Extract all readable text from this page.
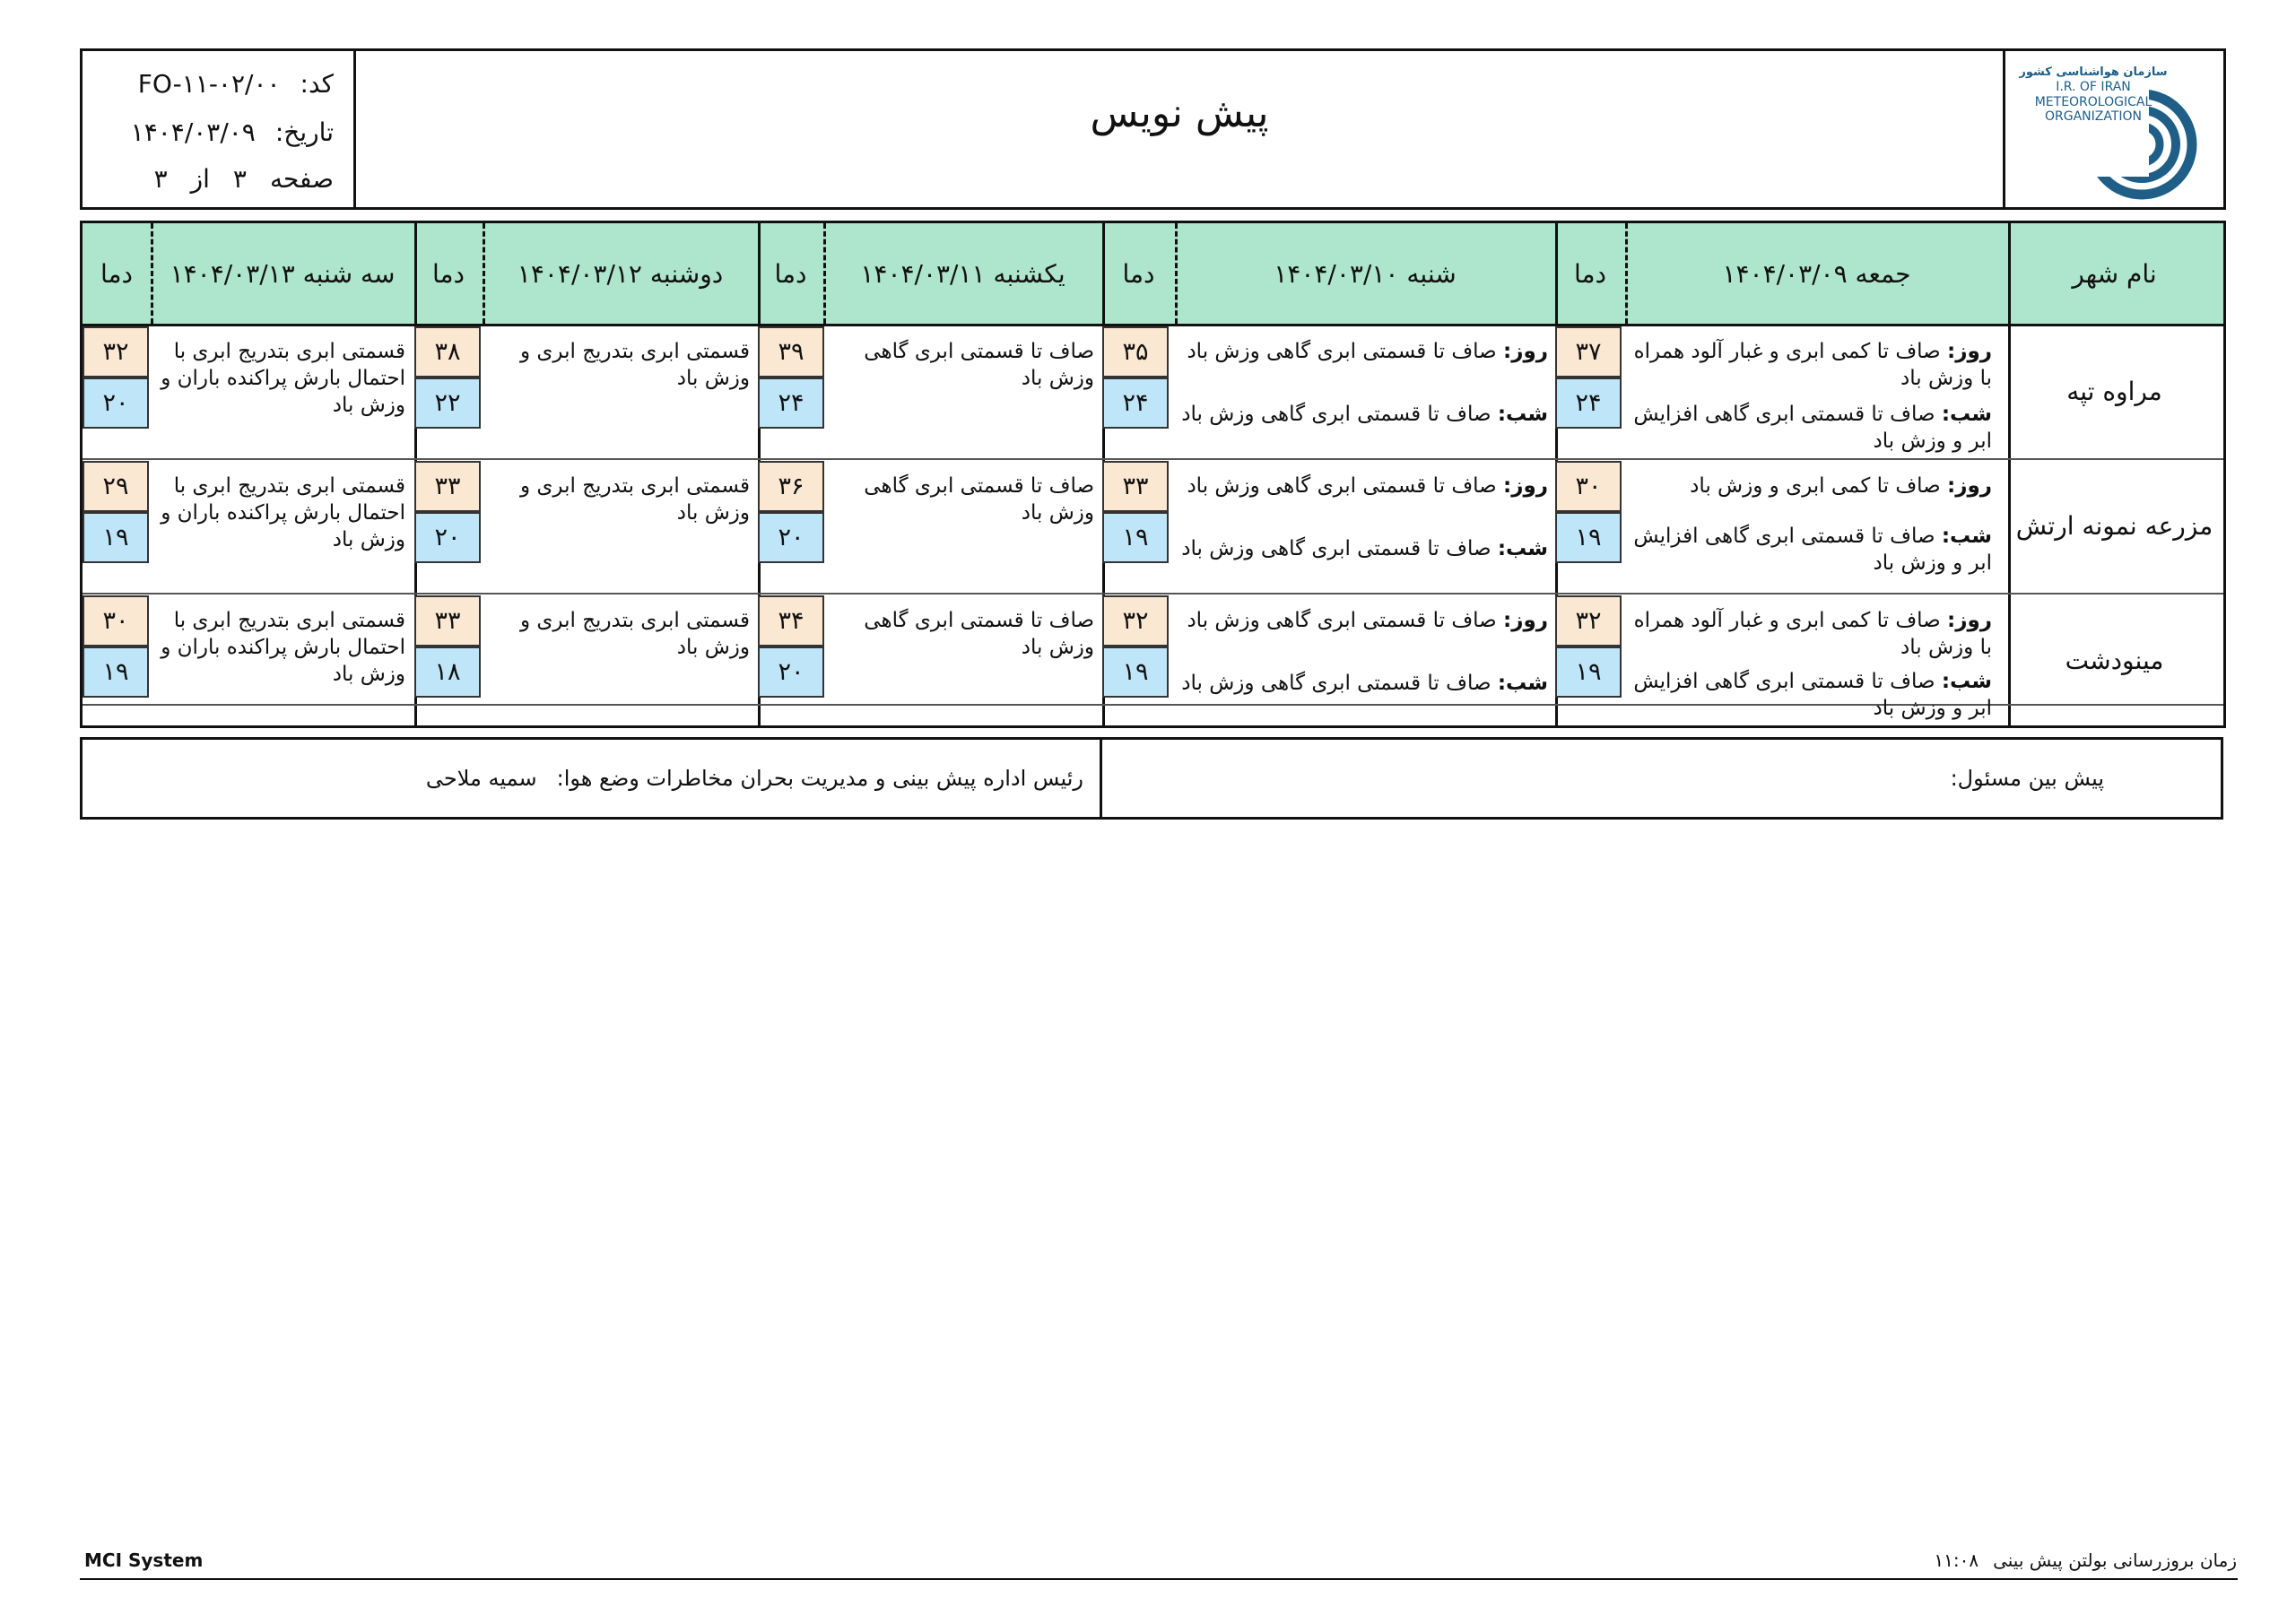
سازمان هواشناسی کشور
I.R. OF IRAN
METEOROLOGICAL
ORGANIZATION
پیش نویس
کد:
FO-۱۱-۰۲/۰۰
تاریخ:
۱۴۰۴/۰۳/۰۹
صفحه
۳
از
۳
نام شهر
جمعه ۱۴۰۴/۰۳/۰۹
دما
شنبه ۱۴۰۴/۰۳/۱۰
دما
یکشنبه ۱۴۰۴/۰۳/۱۱
دما
دوشنبه ۱۴۰۴/۰۳/۱۲
دما
سه شنبه ۱۴۰۴/۰۳/۱۳
دما
مراوه تپه
روز: صاف تا کمی ابری و غبار آلود همراه با وزش باد
شب: صاف تا قسمتی ابری گاهی افزایش ابر و وزش باد
۳۷
۲۴
روز: صاف تا قسمتی ابری گاهی وزش باد
شب: صاف تا قسمتی ابری گاهی وزش باد
۳۵
۲۴
صاف تا قسمتی ابری گاهی وزش باد
۳۹
۲۴
قسمتی ابری بتدریج ابری و وزش باد
۳۸
۲۲
قسمتی ابری بتدریج ابری با احتمال بارش پراکنده باران و وزش باد
۳۲
۲۰
مزرعه نمونه ارتش
روز: صاف تا کمی ابری و وزش باد
شب: صاف تا قسمتی ابری گاهی افزایش ابر و وزش باد
۳۰
۱۹
روز: صاف تا قسمتی ابری گاهی وزش باد
شب: صاف تا قسمتی ابری گاهی وزش باد
۳۳
۱۹
صاف تا قسمتی ابری گاهی وزش باد
۳۶
۲۰
قسمتی ابری بتدریج ابری و وزش باد
۳۳
۲۰
قسمتی ابری بتدریج ابری با احتمال بارش پراکنده باران و وزش باد
۲۹
۱۹
مینودشت
روز: صاف تا کمی ابری و غبار آلود همراه با وزش باد
شب: صاف تا قسمتی ابری گاهی افزایش ابر و وزش باد
۳۲
۱۹
روز: صاف تا قسمتی ابری گاهی وزش باد
شب: صاف تا قسمتی ابری گاهی وزش باد
۳۲
۱۹
صاف تا قسمتی ابری گاهی وزش باد
۳۴
۲۰
قسمتی ابری بتدریج ابری و وزش باد
۳۳
۱۸
قسمتی ابری بتدریج ابری با احتمال بارش پراکنده باران و وزش باد
۳۰
۱۹
پیش بین مسئول:
رئیس اداره پیش بینی و مدیریت بحران مخاطرات وضع هوا:
سمیه ملاحی
MCI System	زمان بروزرسانی بولتن پیش بینی
۱۱:۰۸
